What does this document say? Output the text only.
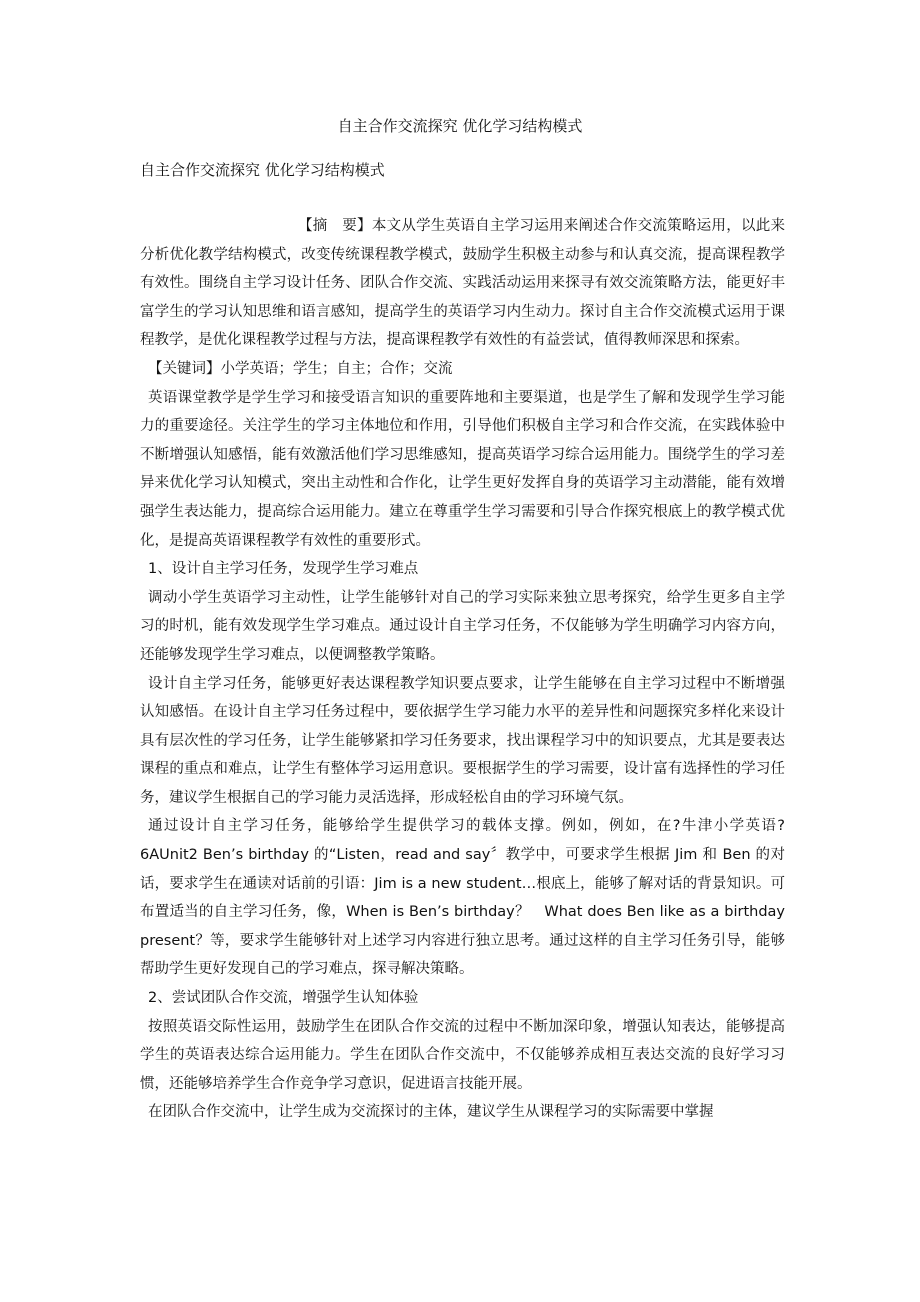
自主合作交流探究 优化学习结构模式
自主合作交流探究 优化学习结构模式

【摘　要】本文从学生英语自主学习运用来阐述合作交流策略运用，以此来分析优化教学结构模式，改变传统课程教学模式，鼓励学生积极主动参与和认真交流，提高课程教学有效性。围绕自主学习设计任务、团队合作交流、实践活动运用来探寻有效交流策略方法，能更好丰富学生的学习认知思维和语言感知，提高学生的英语学习内生动力。探讨自主合作交流模式运用于课程教学，是优化课程教学过程与方法，提高课程教学有效性的有益尝试，值得教师深思和探索。

【关键词】小学英语；学生；自主；合作；交流

英语课堂教学是学生学习和接受语言知识的重要阵地和主要渠道，也是学生了解和发现学生学习能力的重要途径。关注学生的学习主体地位和作用，引导他们积极自主学习和合作交流，在实践体验中不断增强认知感悟，能有效激活他们学习思维感知，提高英语学习综合运用能力。围绕学生的学习差异来优化学习认知模式，突出主动性和合作化，让学生更好发挥自身的英语学习主动潜能，能有效增强学生表达能力，提高综合运用能力。建立在尊重学生学习需要和引导合作探究根底上的教学模式优化，是提高英语课程教学有效性的重要形式。

1、设计自主学习任务，发现学生学习难点

调动小学生英语学习主动性，让学生能够针对自己的学习实际来独立思考探究，给学生更多自主学习的时机，能有效发现学生学习难点。通过设计自主学习任务，不仅能够为学生明确学习内容方向，还能够发现学生学习难点，以便调整教学策略。

设计自主学习任务，能够更好表达课程教学知识要点要求，让学生能够在自主学习过程中不断增强认知感悟。在设计自主学习任务过程中，要依据学生学习能力水平的差异性和问题探究多样化来设计具有层次性的学习任务，让学生能够紧扣学习任务要求，找出课程学习中的知识要点，尤其是要表达课程的重点和难点，让学生有整体学习运用意识。要根据学生的学习需要，设计富有选择性的学习任务，建议学生根据自己的学习能力灵活选择，形成轻松自由的学习环境气氛。

通过设计自主学习任务，能够给学生提供学习的载体支撑。例如，例如，在?牛津小学英语?6AUnit2 Ben’s birthday 的“Listen，read and say〞教学中，可要求学生根据 Jim 和 Ben 的对话，要求学生在通读对话前的引语：Jim is a new student…根底上，能够了解对话的背景知识。可布置适当的自主学习任务，像，When is Ben’s birthday？　What does Ben like as a birthday　present？等，要求学生能够针对上述学习内容进行独立思考。通过这样的自主学习任务引导，能够帮助学生更好发现自己的学习难点，探寻解决策略。

2、尝试团队合作交流，增强学生认知体验

按照英语交际性运用，鼓励学生在团队合作交流的过程中不断加深印象，增强认知表达，能够提高学生的英语表达综合运用能力。学生在团队合作交流中，不仅能够养成相互表达交流的良好学习习惯，还能够培养学生合作竞争学习意识，促进语言技能开展。

在团队合作交流中，让学生成为交流探讨的主体，建议学生从课程学习的实际需要中掌握
